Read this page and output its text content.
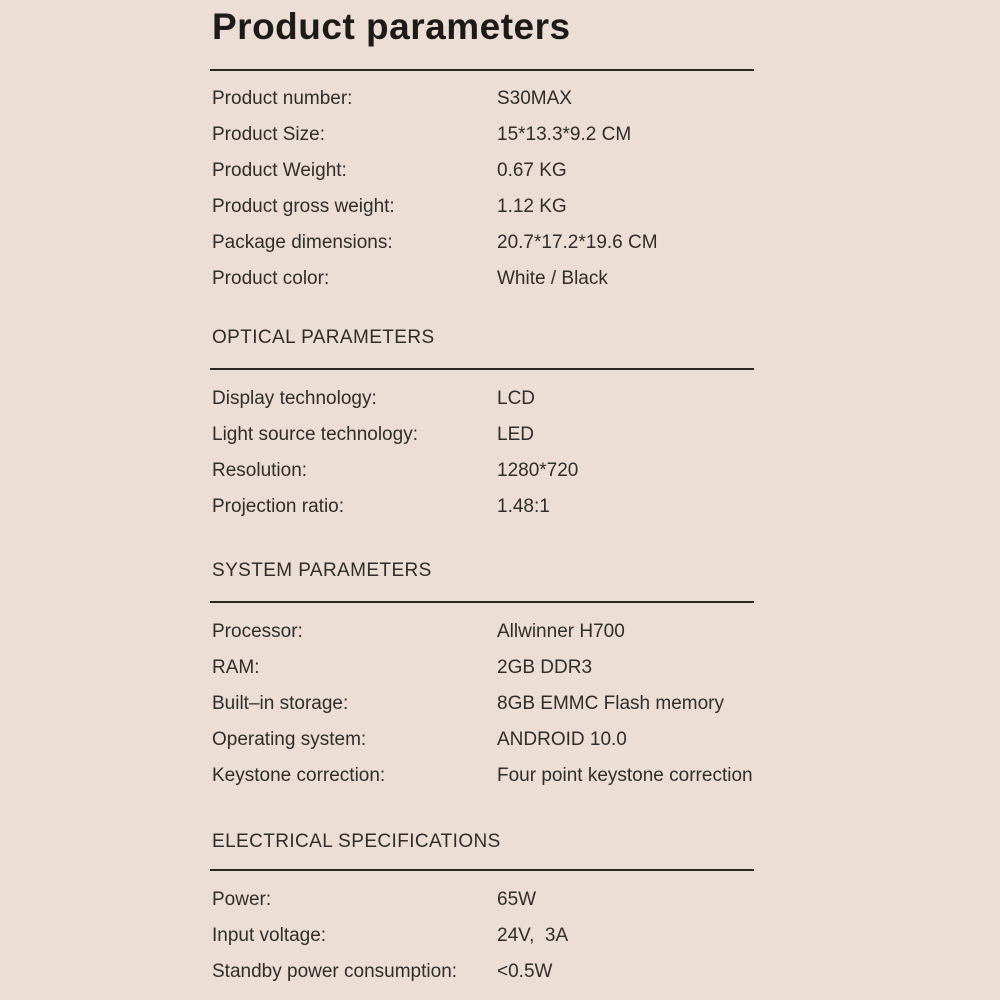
Product parameters
Product number:	S30MAX
Product Size:	15*13.3*9.2 CM
Product Weight:	0.67 KG
Product gross weight:	1.12 KG
Package dimensions:	20.7*17.2*19.6 CM
Product color:	White / Black
OPTICAL PARAMETERS
Display technology:	LCD
Light source technology:	LED
Resolution:	1280*720
Projection ratio:	1.48:1
SYSTEM PARAMETERS
Processor:	Allwinner H700
RAM:	2GB DDR3
Built–in storage:	8GB EMMC Flash memory
Operating system:	ANDROID 10.0
Keystone correction:	Four point keystone correction
ELECTRICAL SPECIFICATIONS
Power:	65W
Input voltage:	24V,  3A
Standby power consumption:	<0.5W
